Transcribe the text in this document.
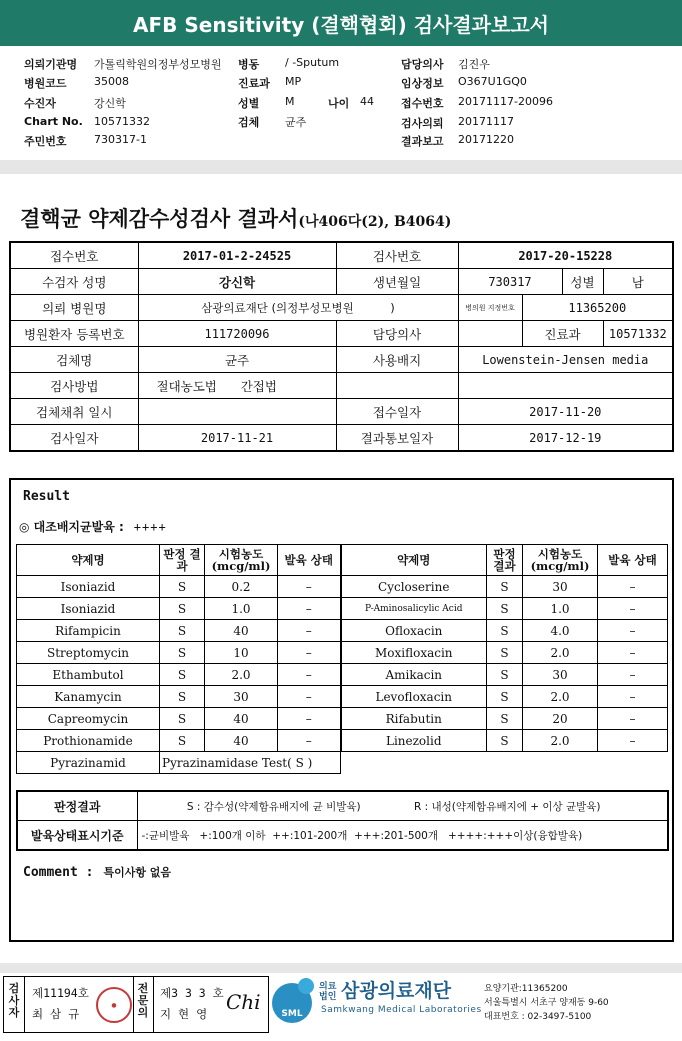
AFB Sensitivity (결핵협회) 검사결과보고서
의뢰기관명 가톨릭학원의정부성모병원 병동 / -Sputum	담당의사 김진우
병원코드 35008	진료과 MP	임상정보 O367U1GQ0
수진자	강신학	성별 M	나이 44 접수번호 20171117-20096
Chart No. 10571332	검체 균주	검사의뢰 20171117
주민번호 730317-1	결과보고 20171220
결핵균 약제감수성검사 결과서(나406다(2), B4064)
접수번호	2017-01-2-24525	검사번호	2017-20-15228			
수검자 성명	강신학	생년월일	730317		성별	남
의뢰 병원명	삼광의료재단 (의정부성모병원          )		병의원 지정번호	11365200		
병원환자 등록번호	111720096	담당의사		진료과		10571332
검체명	균주	사용배지	Lowenstein-Jensen media			
검사방법	절대농도법 간접법					
검체채취 일시		접수일자	2017-11-20			
검사일자	2017-11-21	결과통보일자	2017-12-19			
Result
◎ 대조배지균발육 : ++++
약제명	판정 결과	시험농도 (mcg/ml)	발육 상태	약제명	판정 결과	시험농도 (mcg/ml)	발육 상태
Isoniazid	S	0.2	–	Cycloserine	S	30	–
Isoniazid	S	1.0	–	P-Aminosalicylic Acid	S	1.0	–
Rifampicin	S	40	–	Ofloxacin	S	4.0	–
Streptomycin	S	10	–	Moxifloxacin	S	2.0	–
Ethambutol	S	2.0	–	Amikacin	S	30	–
Kanamycin	S	30	–	Levofloxacin	S	2.0	–
Capreomycin	S	40	–	Rifabutin	S	20	–
Prothionamide	S	40	–	Linezolid	S	2.0	–
Pyrazinamid	Pyrazinamidase Test( S )						
판정결과	S : 감수성(약제함유배지에 균 비발육)	R : 내성(약제함유배지에 + 이상 균발육)
발육상태표시기준	-:균비발육   +:100개 이하  ++:101-200개  +++:201-500개   ++++:+++이상(융합발육)	
Comment : 특이사항 없음
검사자
제11194호
최 삼 규
●
전문의
제3 3 3 호
지 현 영 Chi	SML
의료 법인 삼광의료재단
Samkwang Medical Laboratories
요양기관:11365200
서울특별시 서초구 양재동 9-60
대표번호 : 02-3497-5100
